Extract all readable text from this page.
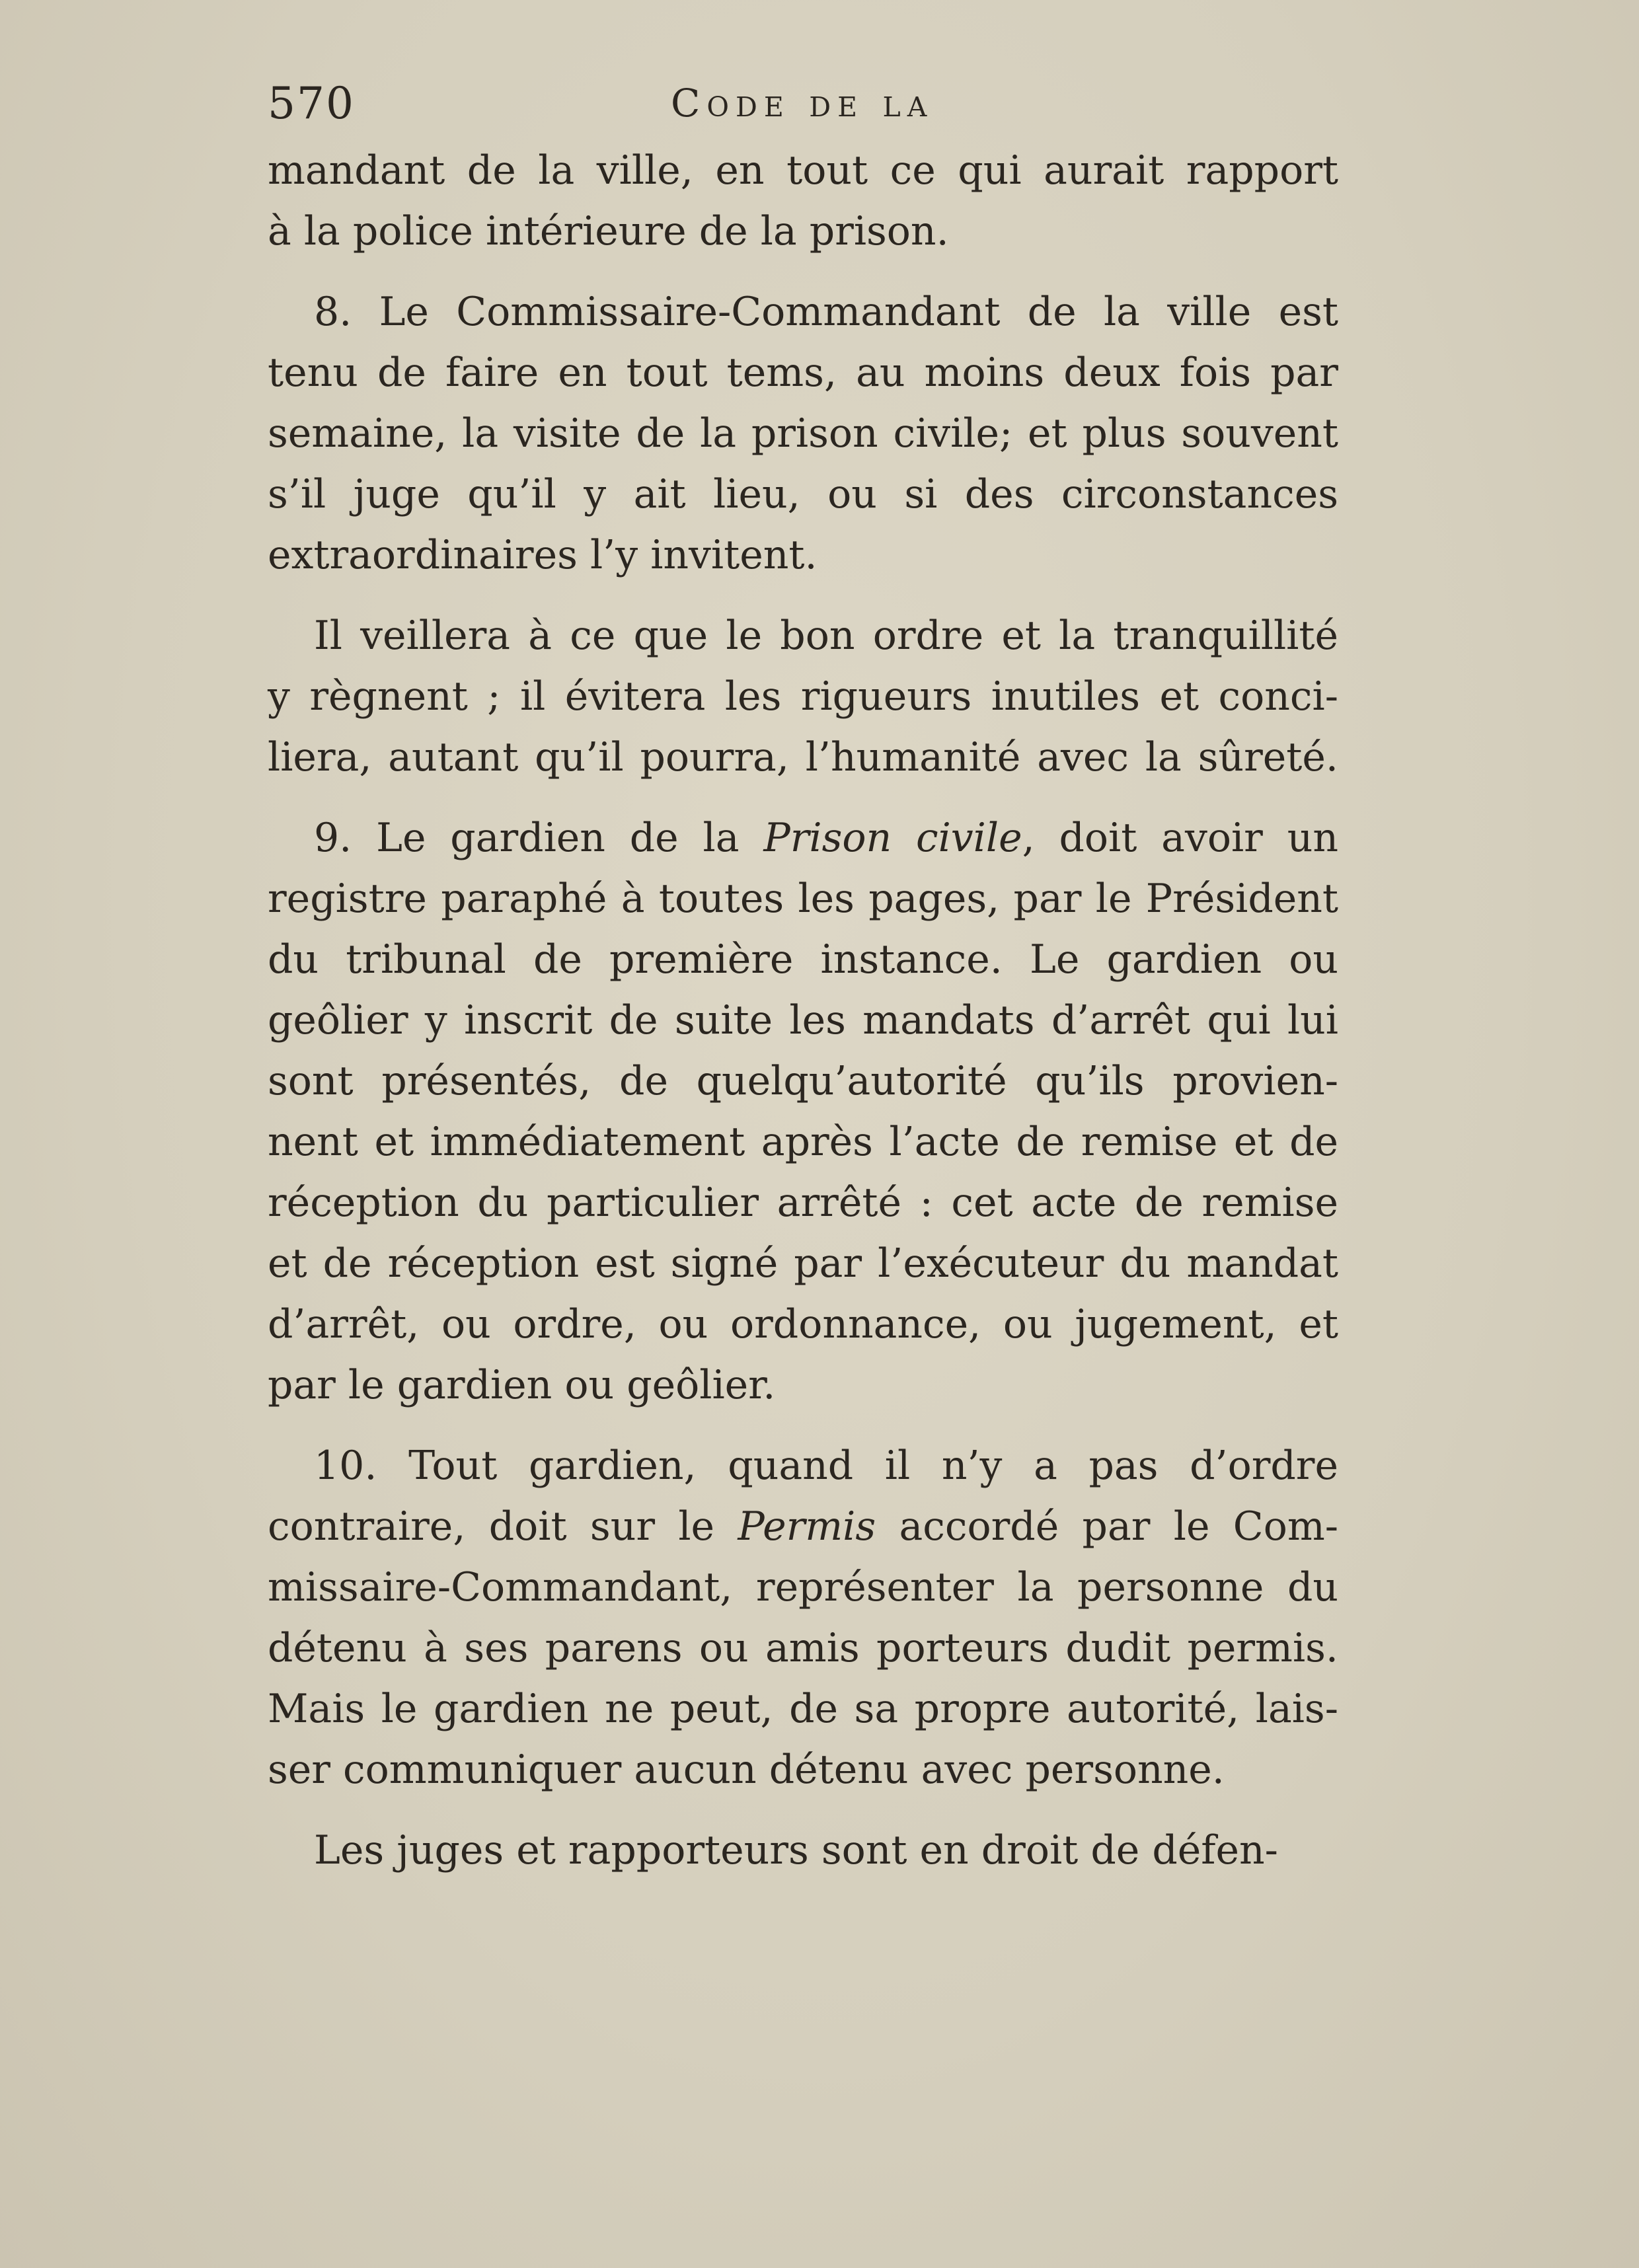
570	Code de la
mandant de la ville, en tout ce qui aurait rapport
à la police intérieure de la prison.
8. Le Commissaire-Commandant de la ville est
tenu de faire en tout tems, au moins deux fois par
semaine, la visite de la prison civile; et plus souvent
s’il juge qu’il y ait lieu, ou si des circonstances
extraordinaires l’y invitent.
Il veillera à ce que le bon ordre et la tranquillité
y règnent ; il évitera les rigueurs inutiles et conci-
liera, autant qu’il pourra, l’humanité avec la sûreté.
9. Le gardien de la Prison civile, doit avoir un
registre paraphé à toutes les pages, par le Président
du tribunal de première instance. Le gardien ou
geôlier y inscrit de suite les mandats d’arrêt qui lui
sont présentés, de quelqu’autorité qu’ils provien-
nent et immédiatement après l’acte de remise et de
réception du particulier arrêté : cet acte de remise
et de réception est signé par l’exécuteur du mandat
d’arrêt, ou ordre, ou ordonnance, ou jugement, et
par le gardien ou geôlier.
10. Tout gardien, quand il n’y a pas d’ordre
contraire, doit sur le Permis accordé par le Com-
missaire-Commandant, représenter la personne du
détenu à ses parens ou amis porteurs dudit permis.
Mais le gardien ne peut, de sa propre autorité, lais-
ser communiquer aucun détenu avec personne.
Les juges et rapporteurs sont en droit de défen-
